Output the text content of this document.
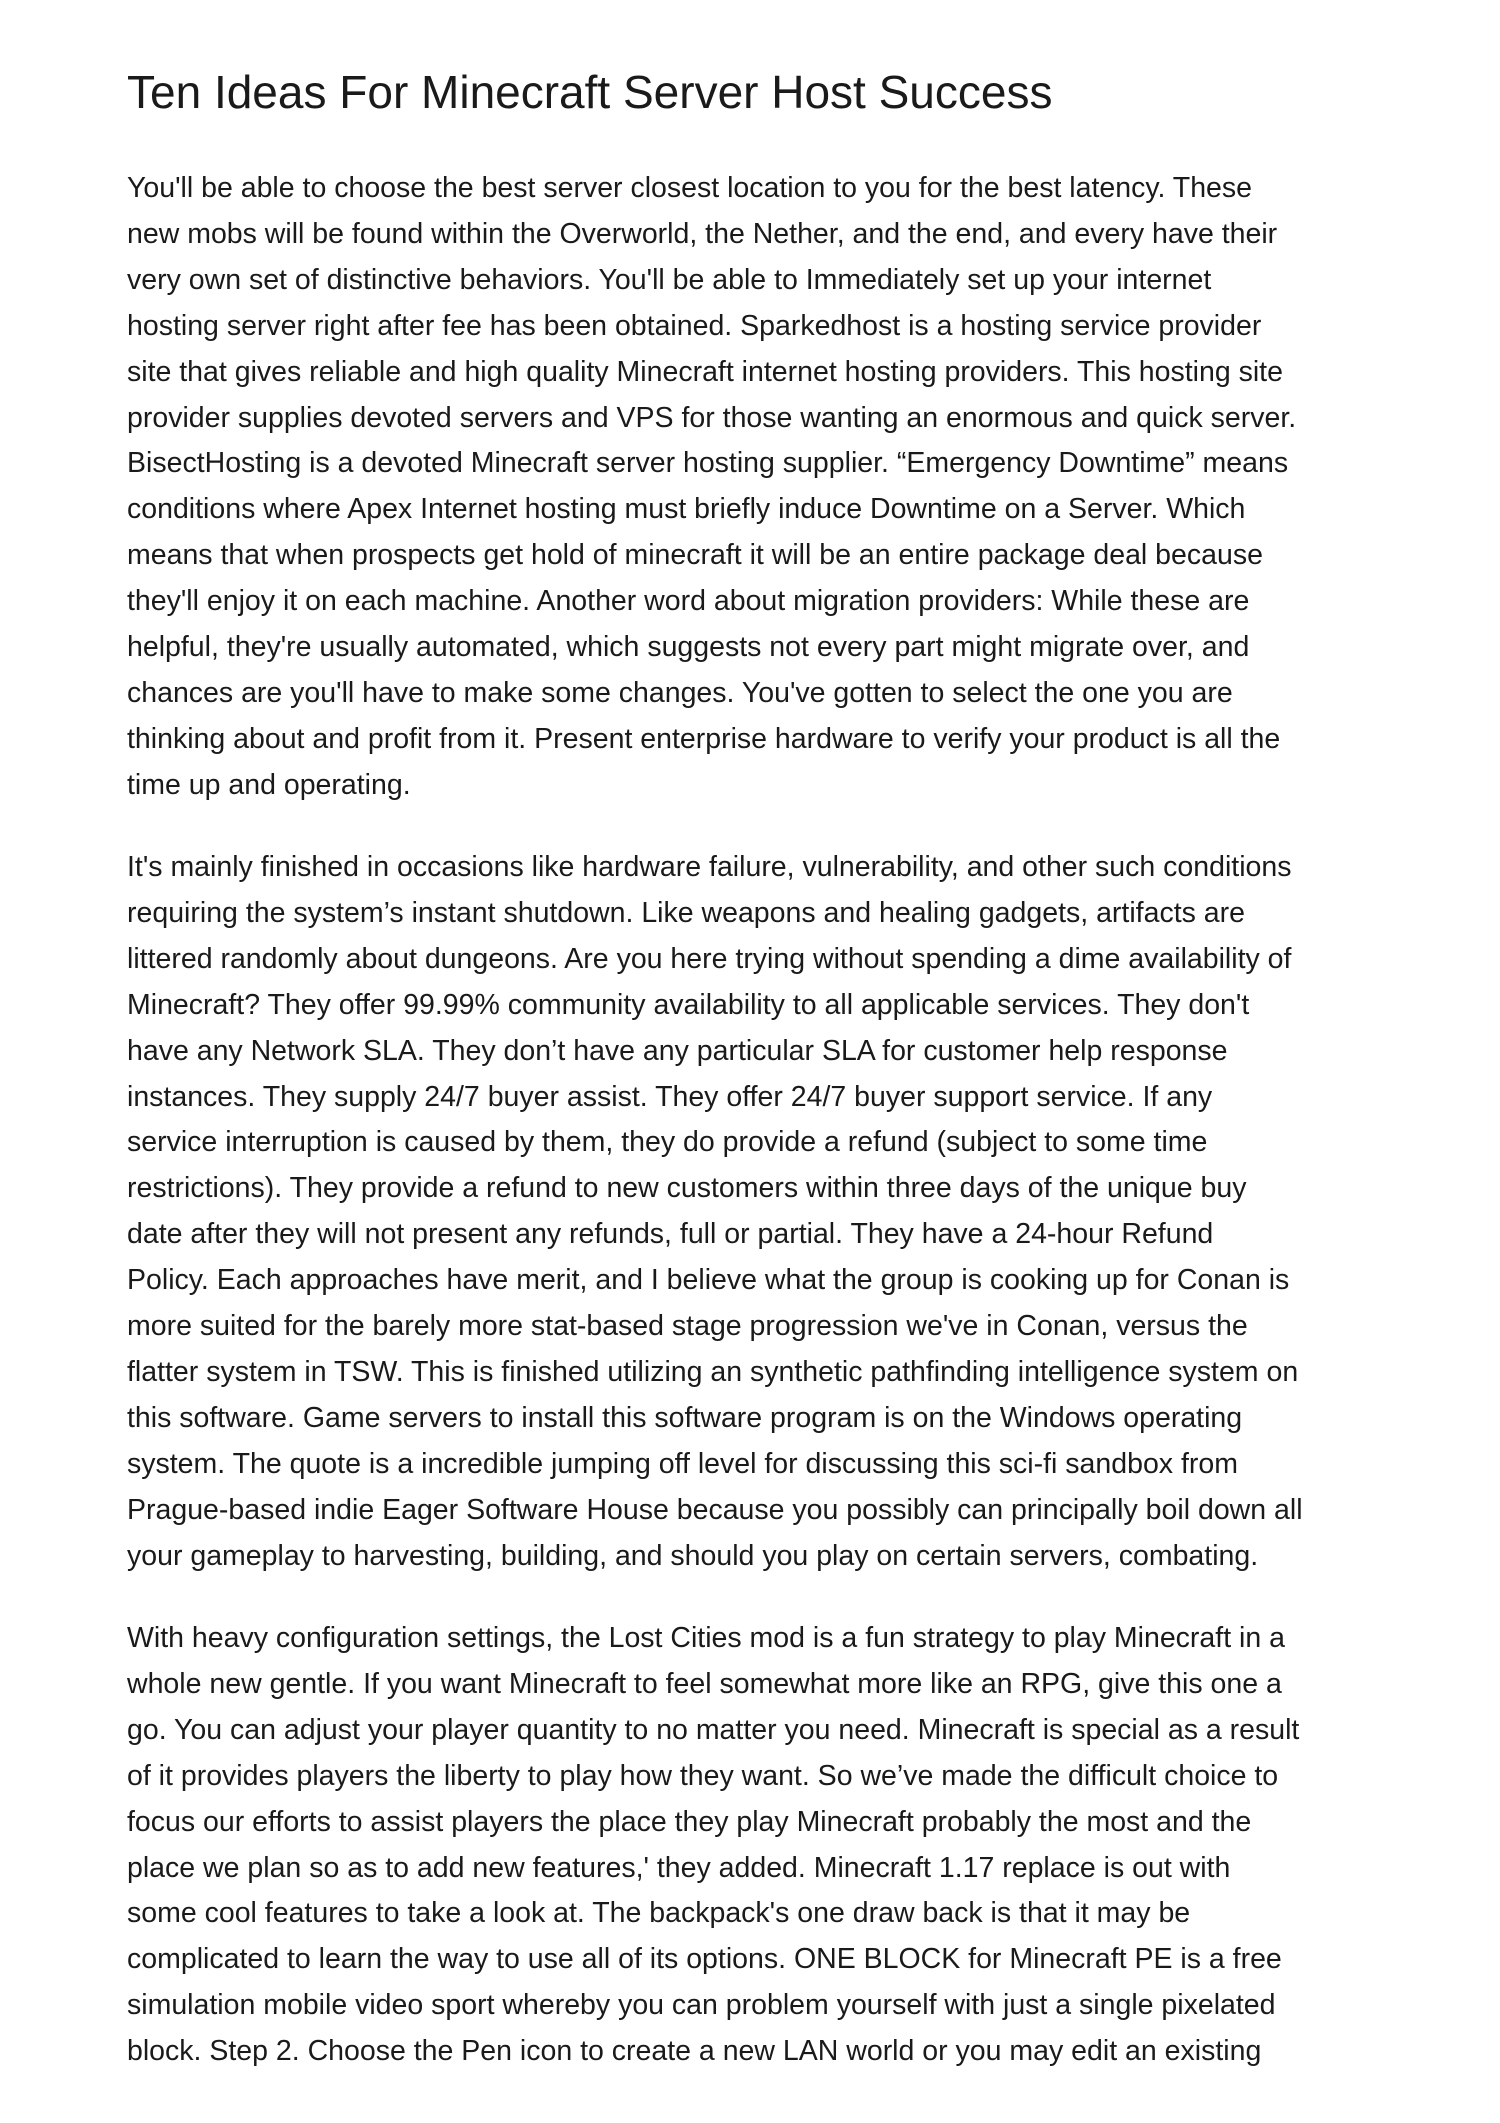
Ten Ideas For Minecraft Server Host Success

You'll be able to choose the best server closest location to you for the best latency. These
new mobs will be found within the Overworld, the Nether, and the end, and every have their
very own set of distinctive behaviors. You'll be able to Immediately set up your internet
hosting server right after fee has been obtained. Sparkedhost is a hosting service provider
site that gives reliable and high quality Minecraft internet hosting providers. This hosting site
provider supplies devoted servers and VPS for those wanting an enormous and quick server.
BisectHosting is a devoted Minecraft server hosting supplier. “Emergency Downtime” means
conditions where Apex Internet hosting must briefly induce Downtime on a Server. Which
means that when prospects get hold of minecraft it will be an entire package deal because
they'll enjoy it on each machine. Another word about migration providers: While these are
helpful, they're usually automated, which suggests not every part might migrate over, and
chances are you'll have to make some changes. You've gotten to select the one you are
thinking about and profit from it. Present enterprise hardware to verify your product is all the
time up and operating.

It's mainly finished in occasions like hardware failure, vulnerability, and other such conditions
requiring the system’s instant shutdown. Like weapons and healing gadgets, artifacts are
littered randomly about dungeons. Are you here trying without spending a dime availability of
Minecraft? They offer 99.99% community availability to all applicable services. They don't
have any Network SLA. They don’t have any particular SLA for customer help response
instances. They supply 24/7 buyer assist. They offer 24/7 buyer support service. If any
service interruption is caused by them, they do provide a refund (subject to some time
restrictions). They provide a refund to new customers within three days of the unique buy
date after they will not present any refunds, full or partial. They have a 24-hour Refund
Policy. Each approaches have merit, and I believe what the group is cooking up for Conan is
more suited for the barely more stat-based stage progression we've in Conan, versus the
flatter system in TSW. This is finished utilizing an synthetic pathfinding intelligence system on
this software. Game servers to install this software program is on the Windows operating
system. The quote is a incredible jumping off level for discussing this sci-fi sandbox from
Prague-based indie Eager Software House because you possibly can principally boil down all
your gameplay to harvesting, building, and should you play on certain servers, combating.

With heavy configuration settings, the Lost Cities mod is a fun strategy to play Minecraft in a
whole new gentle. If you want Minecraft to feel somewhat more like an RPG, give this one a
go. You can adjust your player quantity to no matter you need. Minecraft is special as a result
of it provides players the liberty to play how they want. So we’ve made the difficult choice to
focus our efforts to assist players the place they play Minecraft probably the most and the
place we plan so as to add new features,' they added. Minecraft 1.17 replace is out with
some cool features to take a look at. The backpack's one draw back is that it may be
complicated to learn the way to use all of its options. ONE BLOCK for Minecraft PE is a free
simulation mobile video sport whereby you can problem yourself with just a single pixelated
block. Step 2. Choose the Pen icon to create a new LAN world or you may edit an existing
